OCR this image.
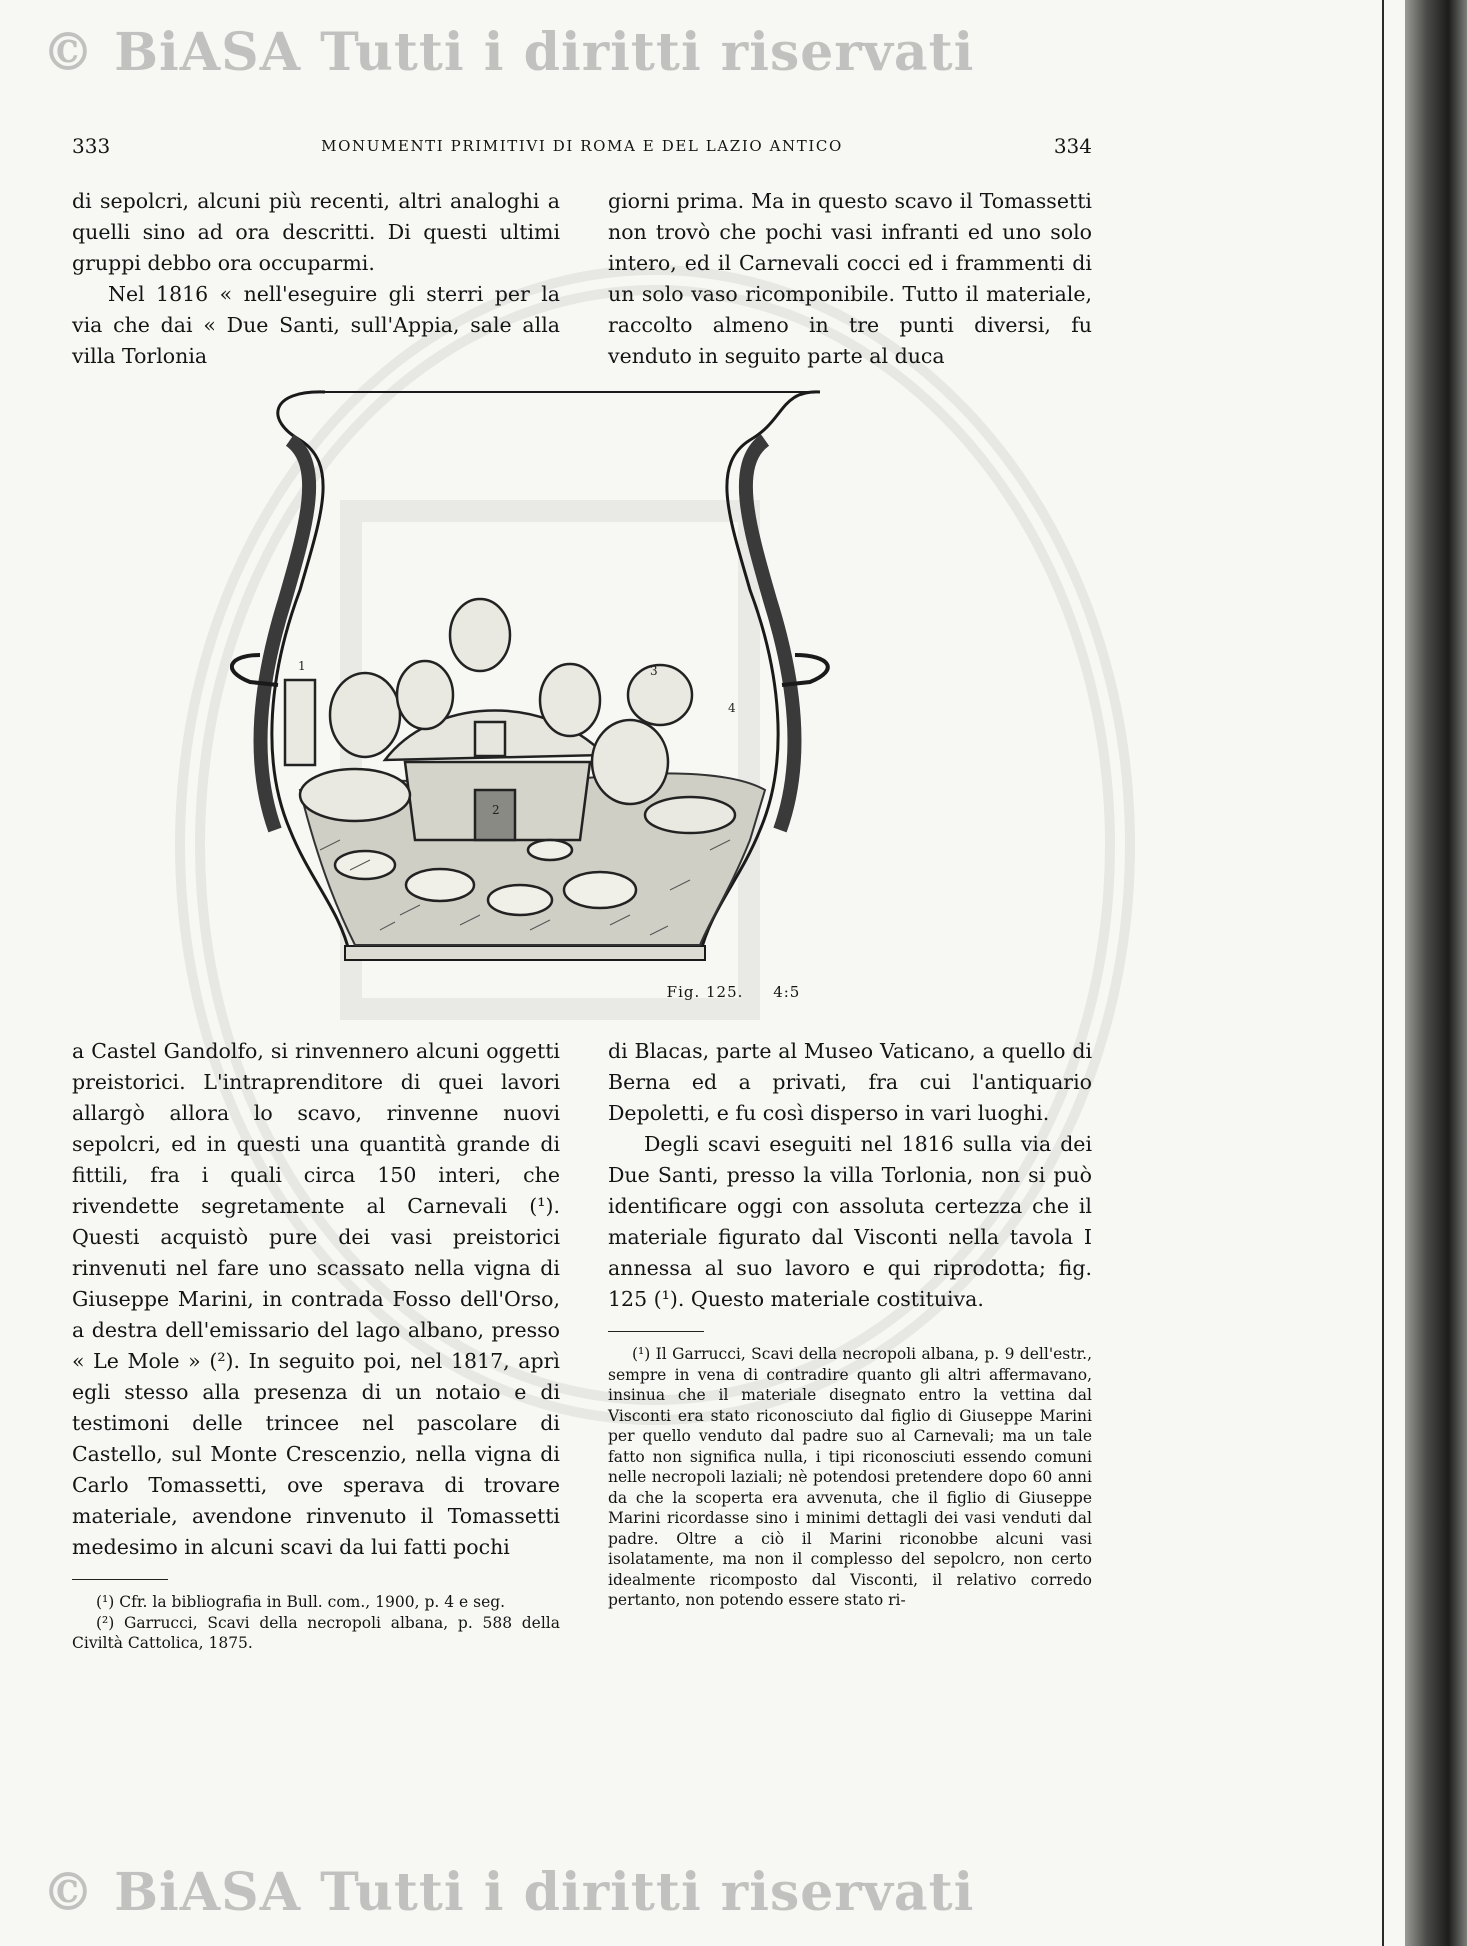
© BiASA Tutti i diritti riservati
© BiASA Tutti i diritti riservati
333	MONUMENTI PRIMITIVI DI ROMA E DEL LAZIO ANTICO	334

di sepolcri, alcuni più recenti, altri analoghi a quelli sino ad ora descritti. Di questi ultimi gruppi debbo ora occuparmi.

Nel 1816 « nell'eseguire gli sterri per la via che dai « Due Santi, sull'Appia, sale alla villa Torlonia

giorni prima. Ma in questo scavo il Tomassetti non trovò che pochi vasi infranti ed uno solo intero, ed il Carnevali cocci ed i frammenti di un solo vaso ricomponibile. Tutto il materiale, raccolto almeno in tre punti diversi, fu venduto in seguito parte al duca

1
2
3
4
Fig. 125. 4:5

a Castel Gandolfo, si rinvennero alcuni oggetti preistorici. L'intraprenditore di quei lavori allargò allora lo scavo, rinvenne nuovi sepolcri, ed in questi una quantità grande di fittili, fra i quali circa 150 interi, che rivendette segretamente al Carnevali (¹). Questi acquistò pure dei vasi preistorici rinvenuti nel fare uno scassato nella vigna di Giuseppe Marini, in contrada Fosso dell'Orso, a destra dell'emissario del lago albano, presso « Le Mole » (²). In seguito poi, nel 1817, aprì egli stesso alla presenza di un notaio e di testimoni delle trincee nel pascolare di Castello, sul Monte Crescenzio, nella vigna di Carlo Tomassetti, ove sperava di trovare materiale, avendone rinvenuto il Tomassetti medesimo in alcuni scavi da lui fatti pochi

(¹) Cfr. la bibliografia in Bull. com., 1900, p. 4 e seg.

(²) Garrucci, Scavi della necropoli albana, p. 588 della Civiltà Cattolica, 1875.

di Blacas, parte al Museo Vaticano, a quello di Berna ed a privati, fra cui l'antiquario Depoletti, e fu così disperso in vari luoghi.

Degli scavi eseguiti nel 1816 sulla via dei Due Santi, presso la villa Torlonia, non si può identificare oggi con assoluta certezza che il materiale figurato dal Visconti nella tavola I annessa al suo lavoro e qui riprodotta; fig. 125 (¹). Questo materiale costituiva.

(¹) Il Garrucci, Scavi della necropoli albana, p. 9 dell'estr., sempre in vena di contradire quanto gli altri affermavano, insinua che il materiale disegnato entro la vettina dal Visconti era stato riconosciuto dal figlio di Giuseppe Marini per quello venduto dal padre suo al Carnevali; ma un tale fatto non significa nulla, i tipi riconosciuti essendo comuni nelle necropoli laziali; nè potendosi pretendere dopo 60 anni da che la scoperta era avvenuta, che il figlio di Giuseppe Marini ricordasse sino i minimi dettagli dei vasi venduti dal padre. Oltre a ciò il Marini riconobbe alcuni vasi isolatamente, ma non il complesso del sepolcro, non certo idealmente ricomposto dal Visconti, il relativo corredo pertanto, non potendo essere stato ri-
